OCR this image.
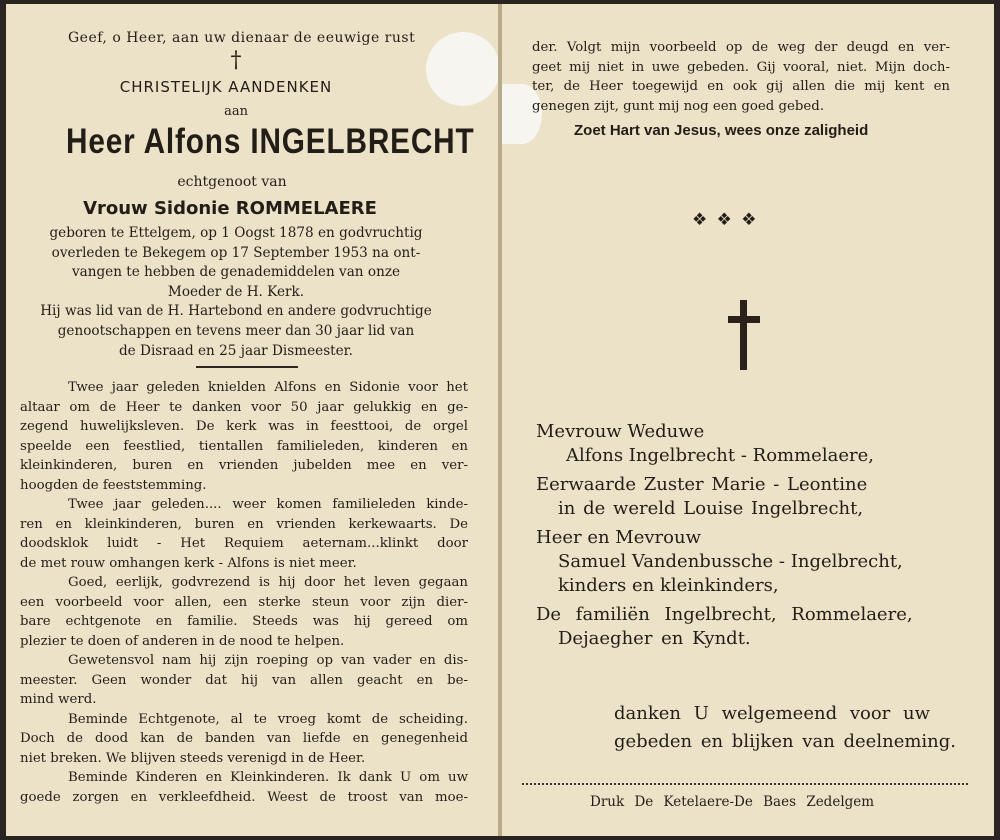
Geef, o Heer, aan uw dienaar de eeuwige rust
†
CHRISTELIJK AANDENKEN
aan
Heer Alfons INGELBRECHT
echtgenoot van
Vrouw Sidonie ROMMELAERE
geboren te Ettelgem, op 1 Oogst 1878 en godvruchtig
overleden te Bekegem op 17 September 1953 na ont-
vangen te hebben de genademiddelen van onze
Moeder de H. Kerk.
Hij was lid van de H. Hartebond en andere godvruchtige
genootschappen en tevens meer dan 30 jaar lid van
de Disraad en 25 jaar Dismeester.
Twee jaar geleden knielden Alfons en Sidonie voor het
altaar om de Heer te danken voor 50 jaar gelukkig en ge-
zegend huwelijksleven. De kerk was in feesttooi, de orgel
speelde een feestlied, tientallen familieleden, kinderen en
kleinkinderen, buren en vrienden jubelden mee en ver-
hoogden de feeststemming.
Twee jaar geleden.... weer komen familieleden kinde-
ren en kleinkinderen, buren en vrienden kerkewaarts. De
doodsklok luidt - Het Requiem aeternam...klinkt door
de met rouw omhangen kerk - Alfons is niet meer.
Goed, eerlijk, godvrezend is hij door het leven gegaan
een voorbeeld voor allen, een sterke steun voor zijn dier-
bare echtgenote en familie. Steeds was hij gereed om
plezier te doen of anderen in de nood te helpen.
Gewetensvol nam hij zijn roeping op van vader en dis-
meester. Geen wonder dat hij van allen geacht en be-
mind werd.
Beminde Echtgenote, al te vroeg komt de scheiding.
Doch de dood kan de banden van liefde en genegenheid
niet breken. We blijven steeds verenigd in de Heer.
Beminde Kinderen en Kleinkinderen. Ik dank U om uw
goede zorgen en verkleefdheid. Weest de troost van moe-
der. Volgt mijn voorbeeld op de weg der deugd en ver-
geet mij niet in uwe gebeden. Gij vooral, niet. Mijn doch-
ter, de Heer toegewijd en ook gij allen die mij kent en
genegen zijt, gunt mij nog een goed gebed.
Zoet Hart van Jesus, wees onze zaligheid
❖ ❖ ❖
Mevrouw Weduwe
Alfons Ingelbrecht - Rommelaere,
Eerwaarde Zuster Marie - Leontine
in de wereld Louise Ingelbrecht,
Heer en Mevrouw
Samuel Vandenbussche - Ingelbrecht,
kinders en kleinkinders,
De familiën Ingelbrecht, Rommelaere,
Dejaegher en Kyndt.
danken U welgemeend voor uw
gebeden en blijken van deelneming.
Druk De Ketelaere-De Baes Zedelgem
